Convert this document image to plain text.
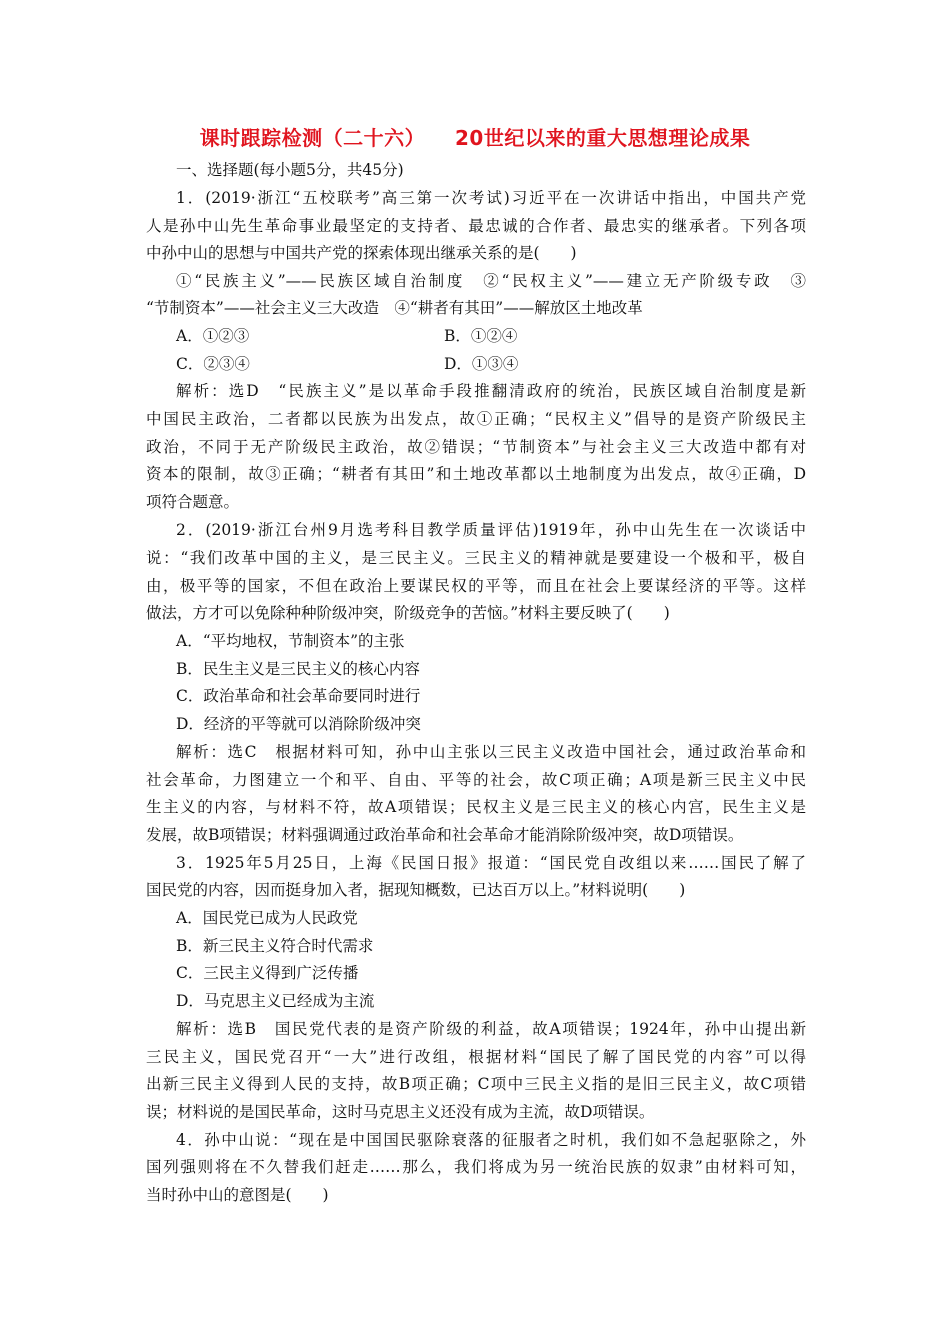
课时跟踪检测（二十六）    20世纪以来的重大思想理论成果
一、选择题(每小题5分，共45分)
1．(2019·浙江“五校联考”高三第一次考试)习近平在一次讲话中指出，中国共产党
人是孙中山先生革命事业最坚定的支持者、最忠诚的合作者、最忠实的继承者。下列各项
中孙中山的思想与中国共产党的探索体现出继承关系的是(　　)
①“民族主义”——民族区域自治制度　②“民权主义”——建立无产阶级专政　③
“节制资本”——社会主义三大改造　④“耕者有其田”——解放区土地改革
A．①②③	B．①②④
C．②③④	D．①③④
解析：选D　“民族主义”是以革命手段推翻清政府的统治，民族区域自治制度是新
中国民主政治，二者都以民族为出发点，故①正确；“民权主义”倡导的是资产阶级民主
政治，不同于无产阶级民主政治，故②错误；“节制资本”与社会主义三大改造中都有对
资本的限制，故③正确；“耕者有其田”和土地改革都以土地制度为出发点，故④正确，D
项符合题意。
2．(2019·浙江台州9月选考科目教学质量评估)1919年，孙中山先生在一次谈话中
说：“我们改革中国的主义，是三民主义。三民主义的精神就是要建设一个极和平，极自
由，极平等的国家，不但在政治上要谋民权的平等，而且在社会上要谋经济的平等。这样
做法，方才可以免除种种阶级冲突，阶级竞争的苦恼。”材料主要反映了(　　)
A．“平均地权，节制资本”的主张
B．民生主义是三民主义的核心内容
C．政治革命和社会革命要同时进行
D．经济的平等就可以消除阶级冲突
解析：选C　根据材料可知，孙中山主张以三民主义改造中国社会，通过政治革命和
社会革命，力图建立一个和平、自由、平等的社会，故C项正确；A项是新三民主义中民
生主义的内容，与材料不符，故A项错误；民权主义是三民主义的核心内宫，民生主义是
发展，故B项错误；材料强调通过政治革命和社会革命才能消除阶级冲突，故D项错误。
3．1925年5月25日，上海《民国日报》报道：“国民党自改组以来……国民了解了
国民党的内容，因而挺身加入者，据现知概数，已达百万以上。”材料说明(　　)
A．国民党已成为人民政党
B．新三民主义符合时代需求
C．三民主义得到广泛传播
D．马克思主义已经成为主流
解析：选B　国民党代表的是资产阶级的利益，故A项错误；1924年，孙中山提出新
三民主义，国民党召开“一大”进行改组，根据材料“国民了解了国民党的内容”可以得
出新三民主义得到人民的支持，故B项正确；C项中三民主义指的是旧三民主义，故C项错
误；材料说的是国民革命，这时马克思主义还没有成为主流，故D项错误。
4．孙中山说：“现在是中国国民驱除衰落的征服者之时机，我们如不急起驱除之，外
国列强则将在不久替我们赶走……那么，我们将成为另一统治民族的奴隶”由材料可知，
当时孙中山的意图是(　　)
